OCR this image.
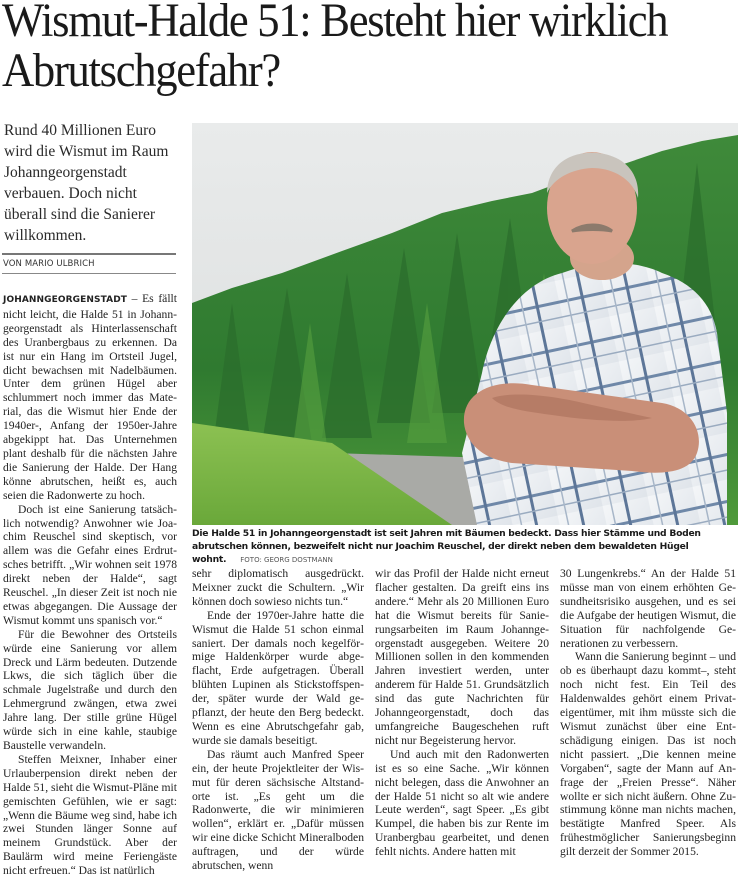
Wismut-Halde 51: Besteht hier wirklich Abrutschgefahr?
Rund 40 Millionen Euro wird die Wismut im Raum Johanngeorgenstadt verbauen. Doch nicht überall sind die Sanierer willkommen.
VON MARIO ULBRICH
Die Halde 51 in Johanngeorgenstadt ist seit Jahren mit Bäumen bedeckt. Dass hier Stämme und Boden abrutschen können, bezweifelt nicht nur Joachim Reuschel, der direkt neben dem bewaldeten Hügel wohnt. FOTO: GEORG DOSTMANN

JOHANNGEORGENSTADT – Es fällt nicht leicht, die Halde 51 in Johanngeorgenstadt als Hinterlassenschaft des Uranbergbaus zu erkennen. Da ist nur ein Hang im Ortsteil Jugel, dicht bewachsen mit Nadelbäumen. Unter dem grünen Hügel aber schlummert noch immer das Material, das die Wismut hier Ende der 1940er-, Anfang der 1950er-Jahre abgekippt hat. Das Unternehmen plant deshalb für die nächsten Jahre die Sanierung der Halde. Der Hang könne abrutschen, heißt es, auch seien die Radonwerte zu hoch.

Doch ist eine Sanierung tatsächlich notwendig? Anwohner wie Joachim Reuschel sind skeptisch, vor allem was die Gefahr eines Erdrutsches betrifft. „Wir wohnen seit 1978 direkt neben der Halde“, sagt Reuschel. „In dieser Zeit ist noch nie etwas abgegangen. Die Aussage der Wismut kommt uns spanisch vor.“

Für die Bewohner des Ortsteils würde eine Sanierung vor allem Dreck und Lärm bedeuten. Dutzende Lkws, die sich täglich über die schmale Jugelstraße und durch den Lehmergrund zwängen, etwa zwei Jahre lang. Der stille grüne Hügel würde sich in eine kahle, staubige Baustelle verwandeln.

Steffen Meixner, Inhaber einer Urlauberpension direkt neben der Halde 51, sieht die Wismut-Pläne mit gemischten Gefühlen, wie er sagt: „Wenn die Bäume weg sind, habe ich zwei Stunden länger Sonne auf meinem Grundstück. Aber der Baulärm wird meine Feriengäste nicht erfreuen.“ Das ist natürlich

sehr diplomatisch ausgedrückt. Meixner zuckt die Schultern. „Wir können doch sowieso nichts tun.“

Ende der 1970er-Jahre hatte die Wismut die Halde 51 schon einmal saniert. Der damals noch kegelförmige Haldenkörper wurde abgeflacht, Erde aufgetragen. Überall blühten Lupinen als Stickstoffspender, später wurde der Wald gepflanzt, der heute den Berg bedeckt. Wenn es eine Abrutschgefahr gab, wurde sie damals beseitigt.

Das räumt auch Manfred Speer ein, der heute Projektleiter der Wismut für deren sächsische Altstandorte ist. „Es geht um die Radonwerte, die wir minimieren wollen“, erklärt er. „Dafür müssen wir eine dicke Schicht Mineralboden auftragen, und der würde abrutschen, wenn

wir das Profil der Halde nicht erneut flacher gestalten. Da greift eins ins andere.“ Mehr als 20 Millionen Euro hat die Wismut bereits für Sanierungsarbeiten im Raum Johanngeorgenstadt ausgegeben. Weitere 20 Millionen sollen in den kommenden Jahren investiert werden, unter anderem für Halde 51. Grundsätzlich sind das gute Nachrichten für Johanngeorgenstadt, doch das umfangreiche Baugeschehen ruft nicht nur Begeisterung hervor.

Und auch mit den Radonwerten ist es so eine Sache. „Wir können nicht belegen, dass die Anwohner an der Halde 51 nicht so alt wie andere Leute werden“, sagt Speer. „Es gibt Kumpel, die haben bis zur Rente im Uranbergbau gearbeitet, und denen fehlt nichts. Andere hatten mit

30 Lungenkrebs.“ An der Halde 51 müsse man von einem erhöhten Gesundheitsrisiko ausgehen, und es sei die Aufgabe der heutigen Wismut, die Situation für nachfolgende Generationen zu verbessern.

Wann die Sanierung beginnt – und ob es überhaupt dazu kommt–, steht noch nicht fest. Ein Teil des Haldenwaldes gehört einem Privateigentümer, mit ihm müsste sich die Wismut zunächst über eine Entschädigung einigen. Das ist noch nicht passiert. „Die kennen meine Vorgaben“, sagte der Mann auf Anfrage der „Freien Presse“. Näher wollte er sich nicht äußern. Ohne Zustimmung könne man nichts machen, bestätigte Manfred Speer. Als frühestmöglicher Sanierungsbeginn gilt derzeit der Sommer 2015.
